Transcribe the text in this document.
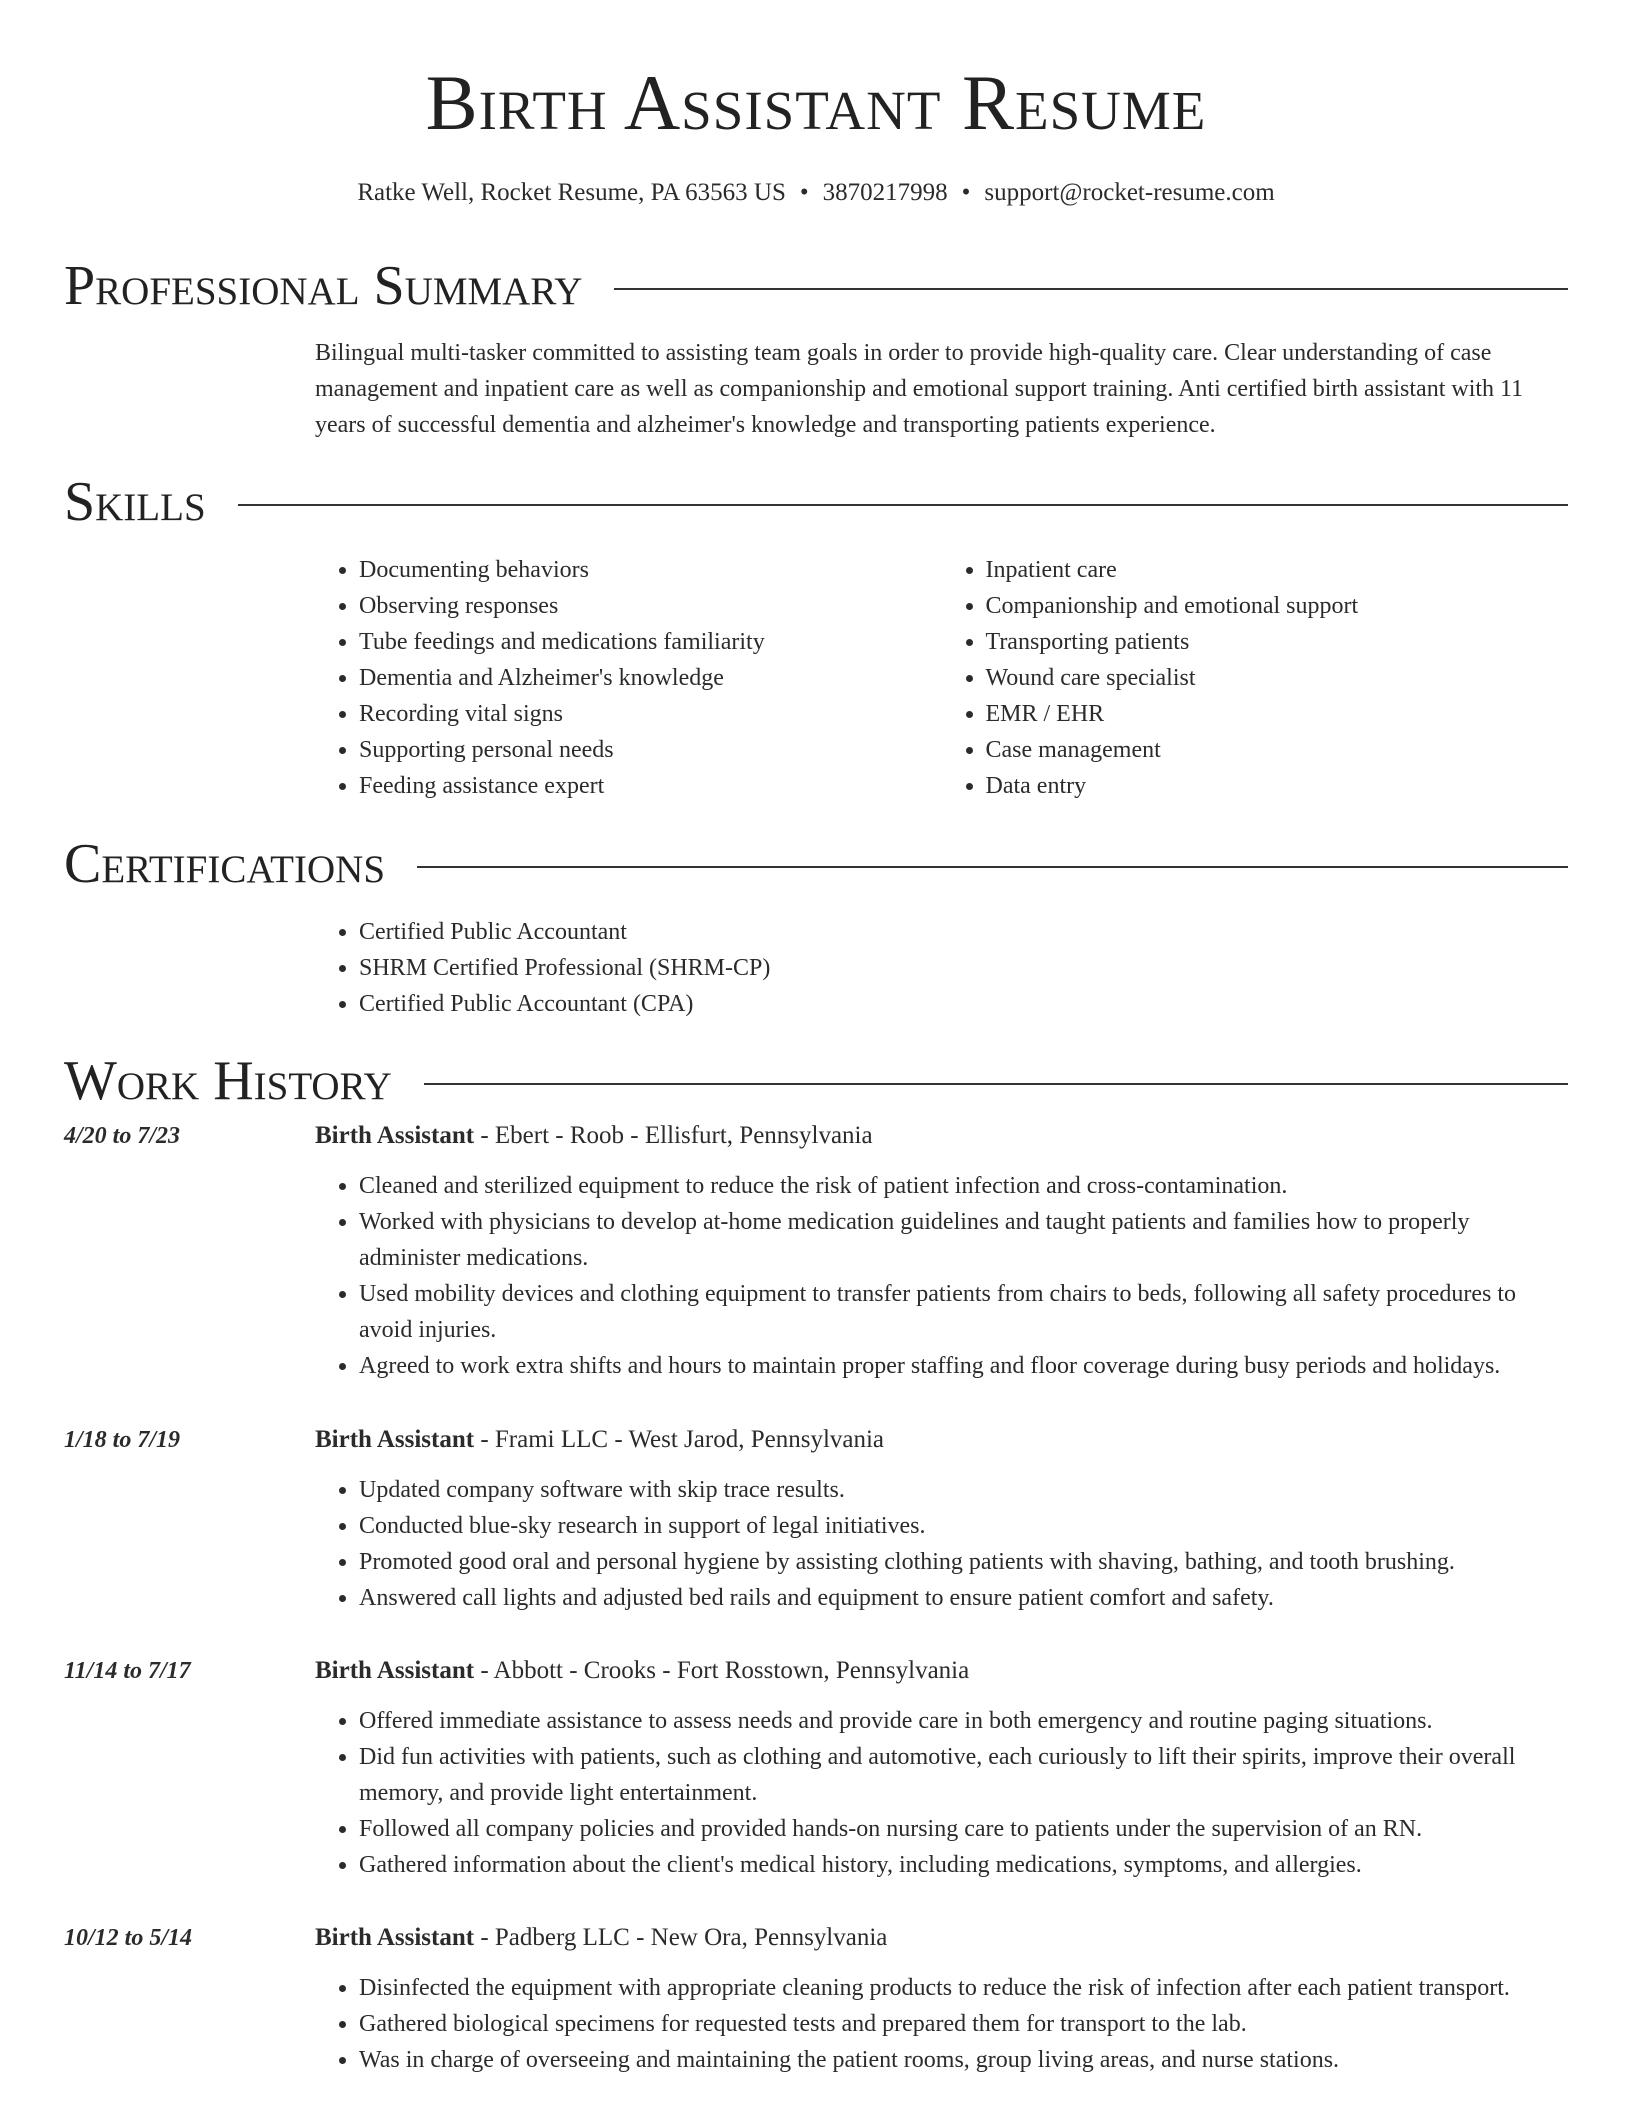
Birth Assistant Resume
Ratke Well, Rocket Resume, PA 63563 US • 3870217998 • support@rocket-resume.com
Professional Summary
Bilingual multi-tasker committed to assisting team goals in order to provide high-quality care. Clear understanding of case management and inpatient care as well as companionship and emotional support training. Anti certified birth assistant with 11 years of successful dementia and alzheimer's knowledge and transporting patients experience.
Skills
• Documenting behaviors
• Observing responses
• Tube feedings and medications familiarity
• Dementia and Alzheimer's knowledge
• Recording vital signs
• Supporting personal needs
• Feeding assistance expert
• Inpatient care
• Companionship and emotional support
• Transporting patients
• Wound care specialist
• EMR / EHR
• Case management
• Data entry
Certifications
• Certified Public Accountant
• SHRM Certified Professional (SHRM-CP)
• Certified Public Accountant (CPA)
Work History
4/20 to 7/23	Birth Assistant - Ebert - Roob - Ellisfurt, Pennsylvania
• Cleaned and sterilized equipment to reduce the risk of patient infection and cross-contamination.
• Worked with physicians to develop at-home medication guidelines and taught patients and families how to properly administer medications.
• Used mobility devices and clothing equipment to transfer patients from chairs to beds, following all safety procedures to avoid injuries.
• Agreed to work extra shifts and hours to maintain proper staffing and floor coverage during busy periods and holidays.
1/18 to 7/19	Birth Assistant - Frami LLC - West Jarod, Pennsylvania
• Updated company software with skip trace results.
• Conducted blue-sky research in support of legal initiatives.
• Promoted good oral and personal hygiene by assisting clothing patients with shaving, bathing, and tooth brushing.
• Answered call lights and adjusted bed rails and equipment to ensure patient comfort and safety.
11/14 to 7/17	Birth Assistant - Abbott - Crooks - Fort Rosstown, Pennsylvania
• Offered immediate assistance to assess needs and provide care in both emergency and routine paging situations.
• Did fun activities with patients, such as clothing and automotive, each curiously to lift their spirits, improve their overall memory, and provide light entertainment.
• Followed all company policies and provided hands-on nursing care to patients under the supervision of an RN.
• Gathered information about the client's medical history, including medications, symptoms, and allergies.
10/12 to 5/14	Birth Assistant - Padberg LLC - New Ora, Pennsylvania
• Disinfected the equipment with appropriate cleaning products to reduce the risk of infection after each patient transport.
• Gathered biological specimens for requested tests and prepared them for transport to the lab.
• Was in charge of overseeing and maintaining the patient rooms, group living areas, and nurse stations.
